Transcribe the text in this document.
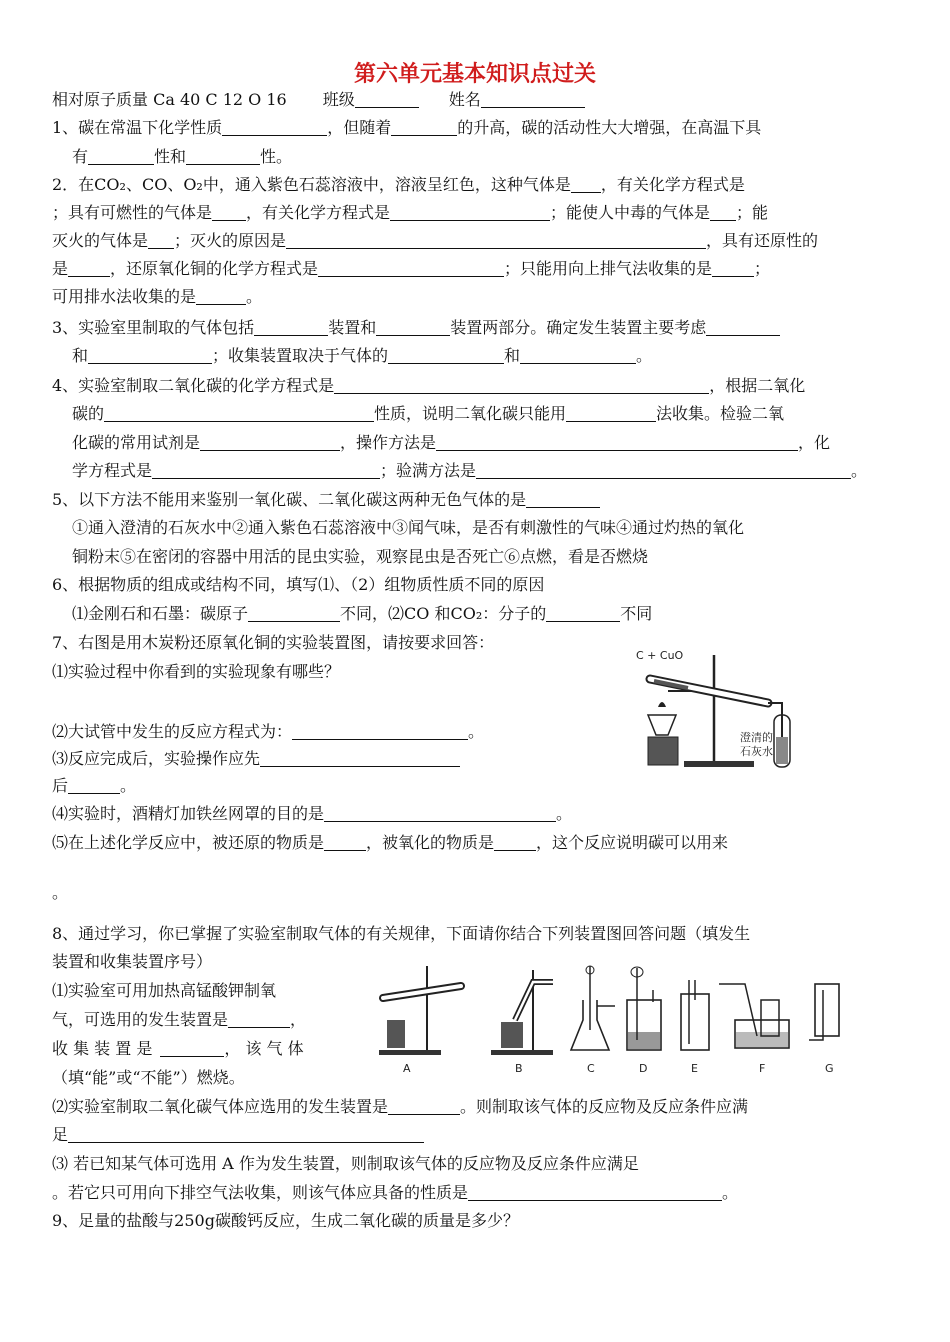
第六单元基本知识点过关
相对原子质量 Ca 40 C 12 O 16 班级	姓名
1、碳在常温下化学性质	，但随着	的升高，碳的活动性大大增强，在高温下具
有	性和	性。
2．在CO₂、CO、O₂中，通入紫色石蕊溶液中，溶液呈红色，这种气体是 ，有关化学方程式是
；具有可燃性的气体是 ，有关化学方程式是	；能使人中毒的气体是 ；能
灭火的气体是 ；灭火的原因是	，具有还原性的
是	，还原氧化铜的化学方程式是	；只能用向上排气法收集的是	；
可用排水法收集的是	。
3、实验室里制取的气体包括	装置和	装置两部分。确定发生装置主要考虑
和	；收集装置取决于气体的	和	。
4、实验室制取二氧化碳的化学方程式是	，根据二氧化
碳的	性质，说明二氧化碳只能用	法收集。检验二氧
化碳的常用试剂是	，操作方法是	，化
学方程式是	；验满方法是	。
5、以下方法不能用来鉴别一氧化碳、二氧化碳这两种无色气体的是
①通入澄清的石灰水中②通入紫色石蕊溶液中③闻气味，是否有刺激性的气味④通过灼热的氧化
铜粉末⑤在密闭的容器中用活的昆虫实验，观察昆虫是否死亡⑥点燃，看是否燃烧
6、根据物质的组成或结构不同，填写⑴、（2）组物质性质不同的原因
⑴金刚石和石墨：碳原子	不同，⑵CO 和CO₂：分子的	不同
7、右图是用木炭粉还原氧化铜的实验装置图，请按要求回答：
⑴实验过程中你看到的实验现象有哪些？
⑵大试管中发生的反应方程式为：	。
⑶反应完成后，实验操作应先
后	。
⑷实验时，酒精灯加铁丝网罩的目的是	。
⑸在上述化学反应中，被还原的物质是	，被氧化的物质是	，这个反应说明碳可以用来
。
C + CuO
澄清的
石灰水
8、通过学习，你已掌握了实验室制取气体的有关规律，下面请你结合下列装置图回答问题（填发生
装置和收集装置序号）
⑴实验室可用加热高锰酸钾制氧
气，可选用的发生装置是	，
收 集 装 置 是	， 该 气 体
（填“能”或“不能”）燃烧。
⑵实验室制取二氧化碳气体应选用的发生装置是	。则制取该气体的反应物及反应条件应满
足
⑶ 若已知某气体可选用 A 作为发生装置，则制取该气体的反应物及反应条件应满足
。若它只可用向下排空气法收集，则该气体应具备的性质是	。
A	B	C	D	E	F	G
9、足量的盐酸与250g碳酸钙反应，生成二氧化碳的质量是多少？
